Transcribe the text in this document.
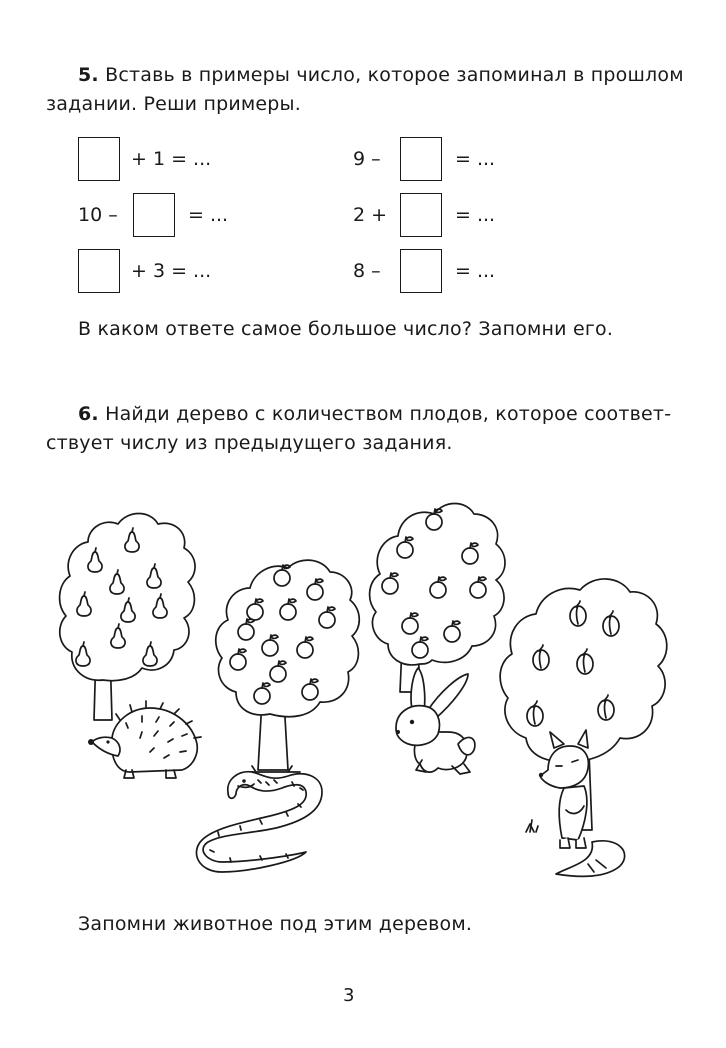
5. Вставь в примеры число, которое запоминал в прошлом
задании. Реши примеры.
+ 1 = ...	9 –	= ...
10 –	= ...	2 +	= ...
+ 3 = ...	8 –	= ...
В каком ответе самое большое число? Запомни его.
6. Найди дерево с количеством плодов, которое соответ-
ствует числу из предыдущего задания.
Запомни животное под этим деревом.
3
